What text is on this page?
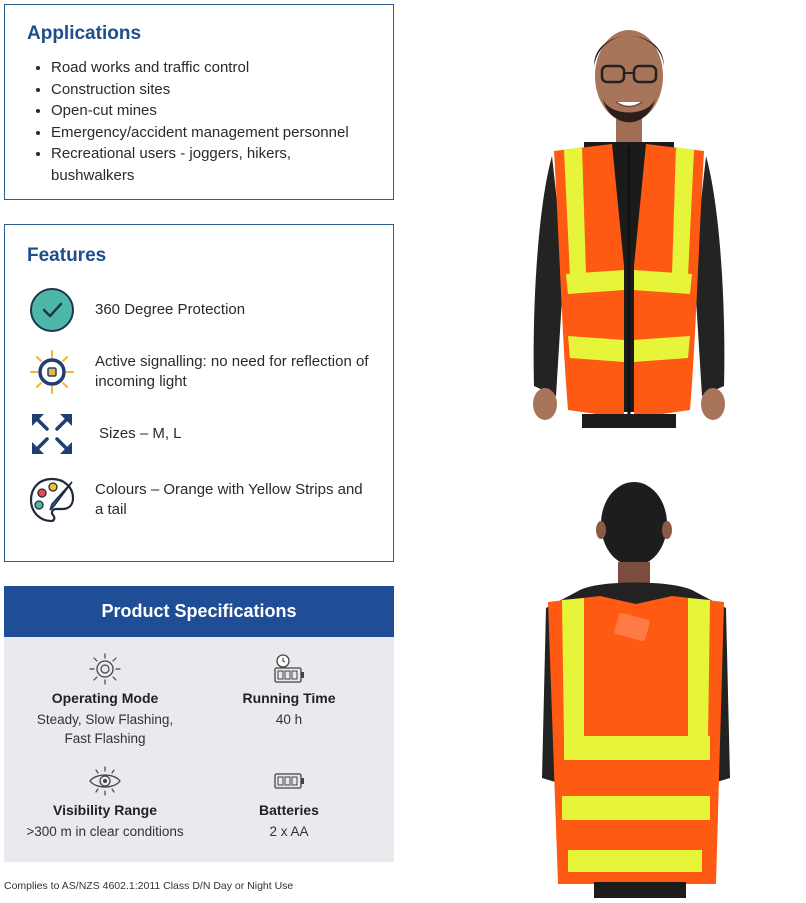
Applications
• Road works and traffic control
• Construction sites
• Open-cut mines
• Emergency/accident management personnel
• Recreational users - joggers, hikers, bushwalkers
Features
360 Degree Protection
Active signalling: no need for reflection of incoming light
Sizes – M, L
Colours – Orange with Yellow Strips and a tail
Product Specifications
Operating Mode
Steady, Slow Flashing, Fast Flashing
Running Time
40 h
Visibility Range
>300 m in clear conditions
Batteries
2 x AA
Complies to AS/NZS 4602.1:2011 Class D/N Day or Night Use
